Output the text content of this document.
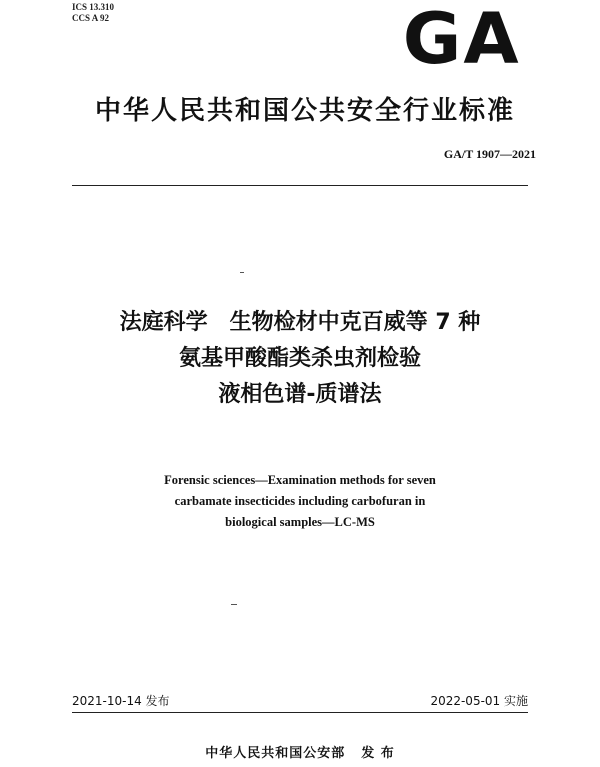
ICS 13.310
CCS A 92	GA
中华人民共和国公共安全行业标准
GA/T 1907—2021
法庭科学　生物检材中克百威等 7 种
氨基甲酸酯类杀虫剂检验
液相色谱-质谱法
Forensic sciences—Examination methods for seven
carbamate insecticides including carbofuran in
biological samples—LC-MS
2021-10-14 发布	2022-05-01 实施
中华人民共和国公安部 发 布
